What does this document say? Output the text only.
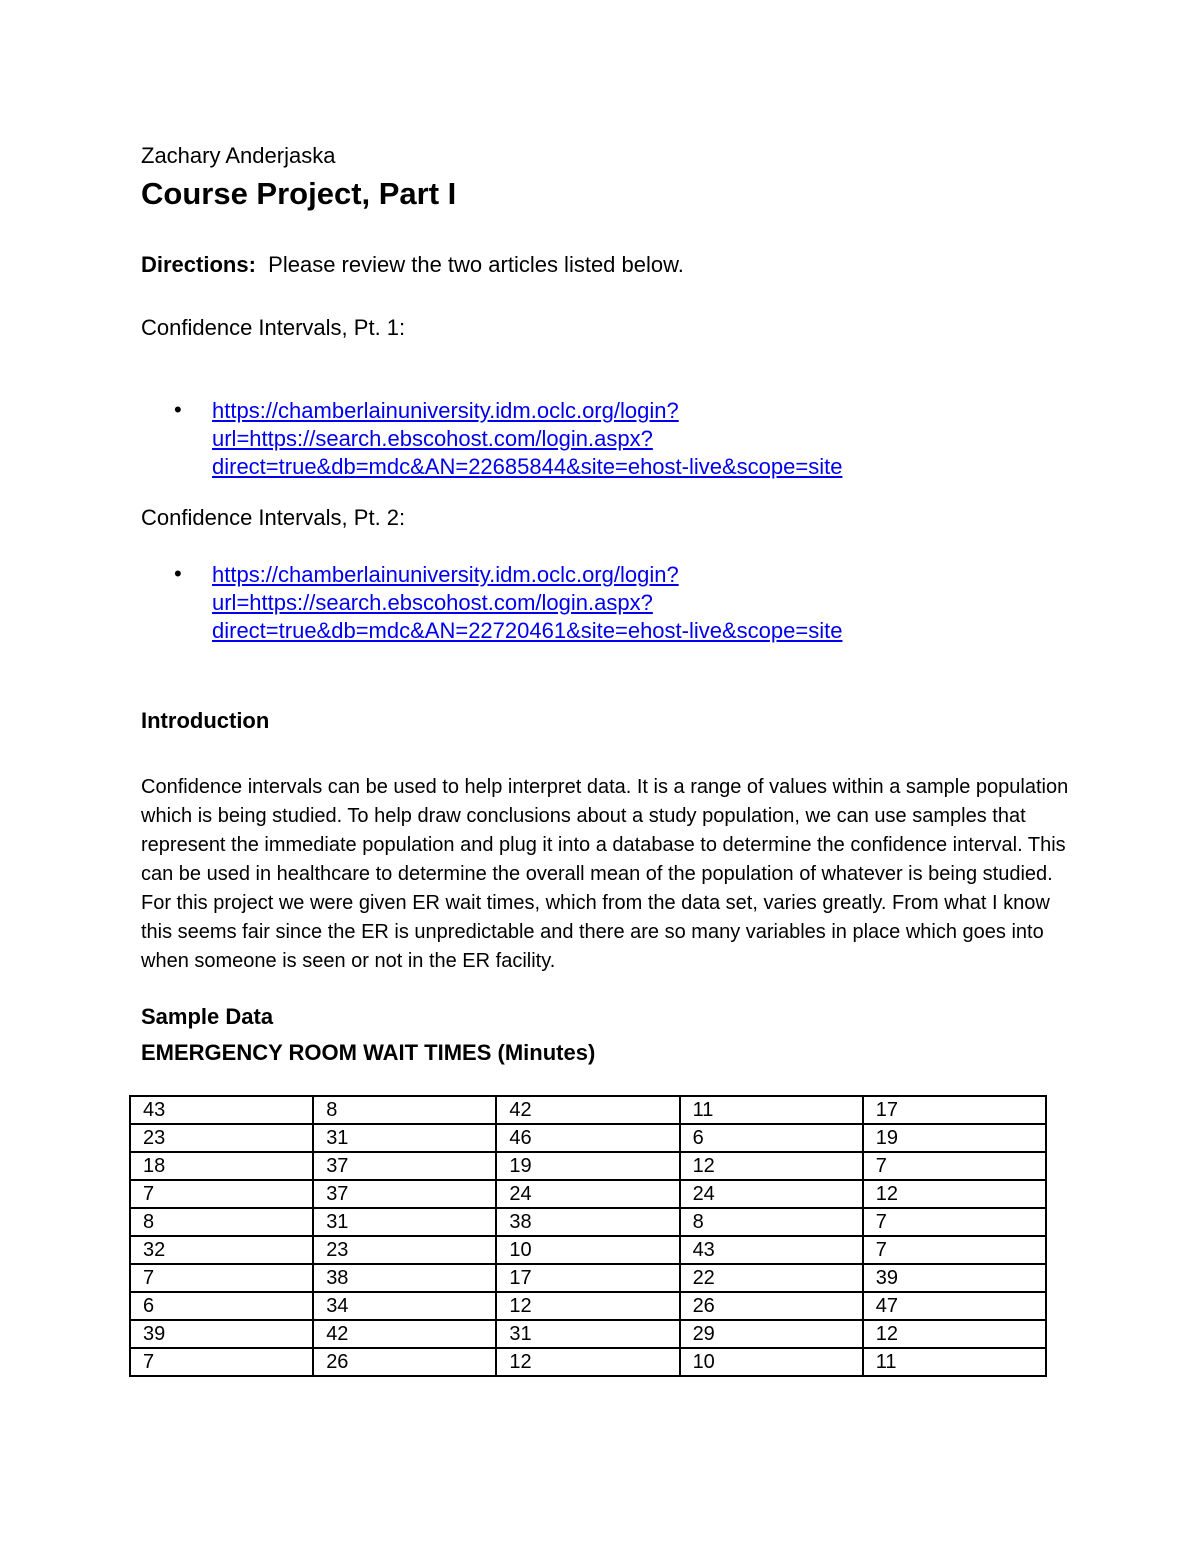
Zachary Anderjaska
Course Project, Part I
Directions: Please review the two articles listed below.
Confidence Intervals, Pt. 1:
• https://chamberlainuniversity.idm.oclc.org/login?
url=https://search.ebscohost.com/login.aspx?
direct=true&db=mdc&AN=22685844&site=ehost-live&scope=site
Confidence Intervals, Pt. 2:
• https://chamberlainuniversity.idm.oclc.org/login?
url=https://search.ebscohost.com/login.aspx?
direct=true&db=mdc&AN=22720461&site=ehost-live&scope=site
Introduction
Confidence intervals can be used to help interpret data. It is a range of values within a sample population which is being studied. To help draw conclusions about a study population, we can use samples that represent the immediate population and plug it into a database to determine the confidence interval. This can be used in healthcare to determine the overall mean of the population of whatever is being studied. For this project we were given ER wait times, which from the data set, varies greatly. From what I know this seems fair since the ER is unpredictable and there are so many variables in place which goes into when someone is seen or not in the ER facility.
Sample Data
EMERGENCY ROOM WAIT TIMES (Minutes)
43	8	42	11	17
23	31	46	6	19
18	37	19	12	7
7	37	24	24	12
8	31	38	8	7
32	23	10	43	7
7	38	17	22	39
6	34	12	26	47
39	42	31	29	12
7	26	12	10	11
